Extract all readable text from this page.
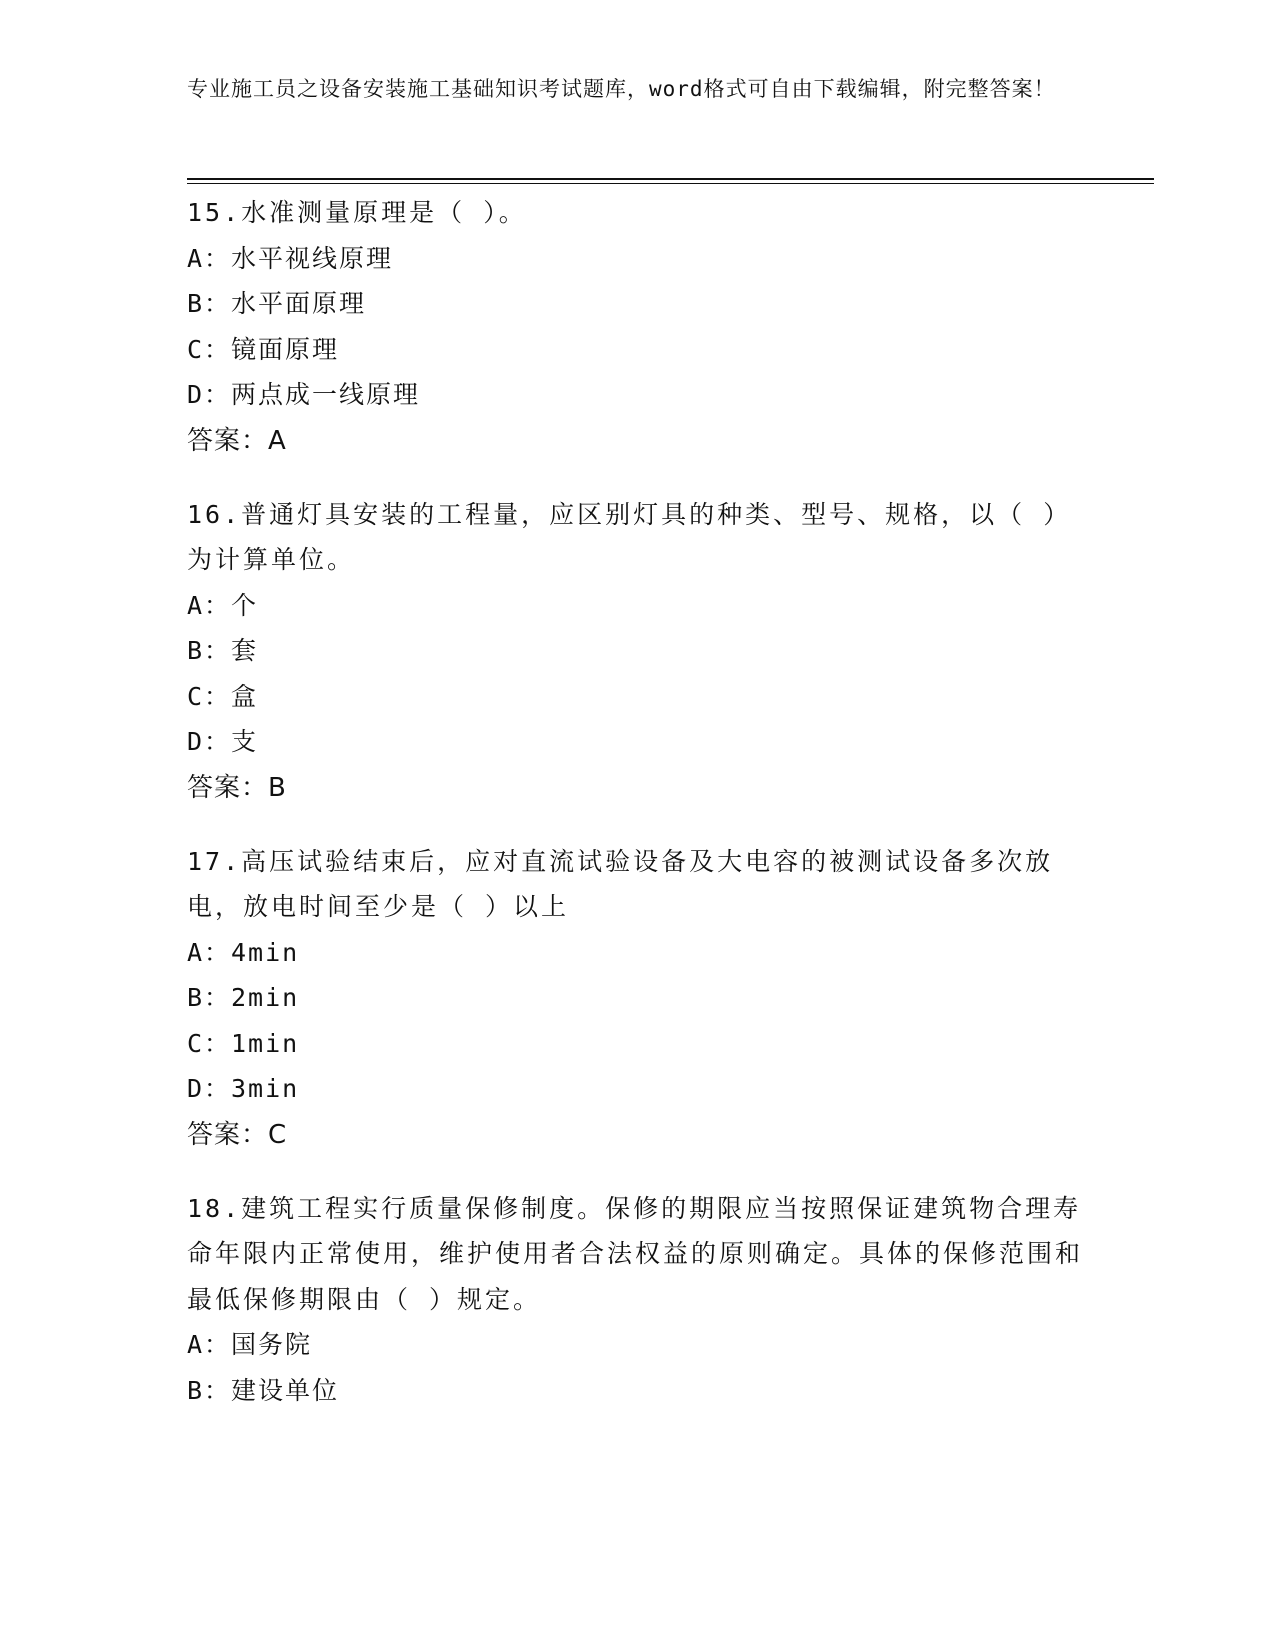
专业施工员之设备安装施工基础知识考试题库，word格式可自由下载编辑，附完整答案！
15.水准测量原理是（ ）。
A：水平视线原理
B：水平面原理
C：镜面原理
D：两点成一线原理
答案：A
16.普通灯具安装的工程量，应区别灯具的种类、型号、规格，以（ ）为计算单位。
A：个
B：套
C：盒
D：支
答案：B
17.高压试验结束后，应对直流试验设备及大电容的被测试设备多次放电，放电时间至少是（ ）以上
A：4min
B：2min
C：1min
D：3min
答案：C
18.建筑工程实行质量保修制度。保修的期限应当按照保证建筑物合理寿命年限内正常使用，维护使用者合法权益的原则确定。具体的保修范围和最低保修期限由（ ）规定。
A：国务院
B：建设单位
